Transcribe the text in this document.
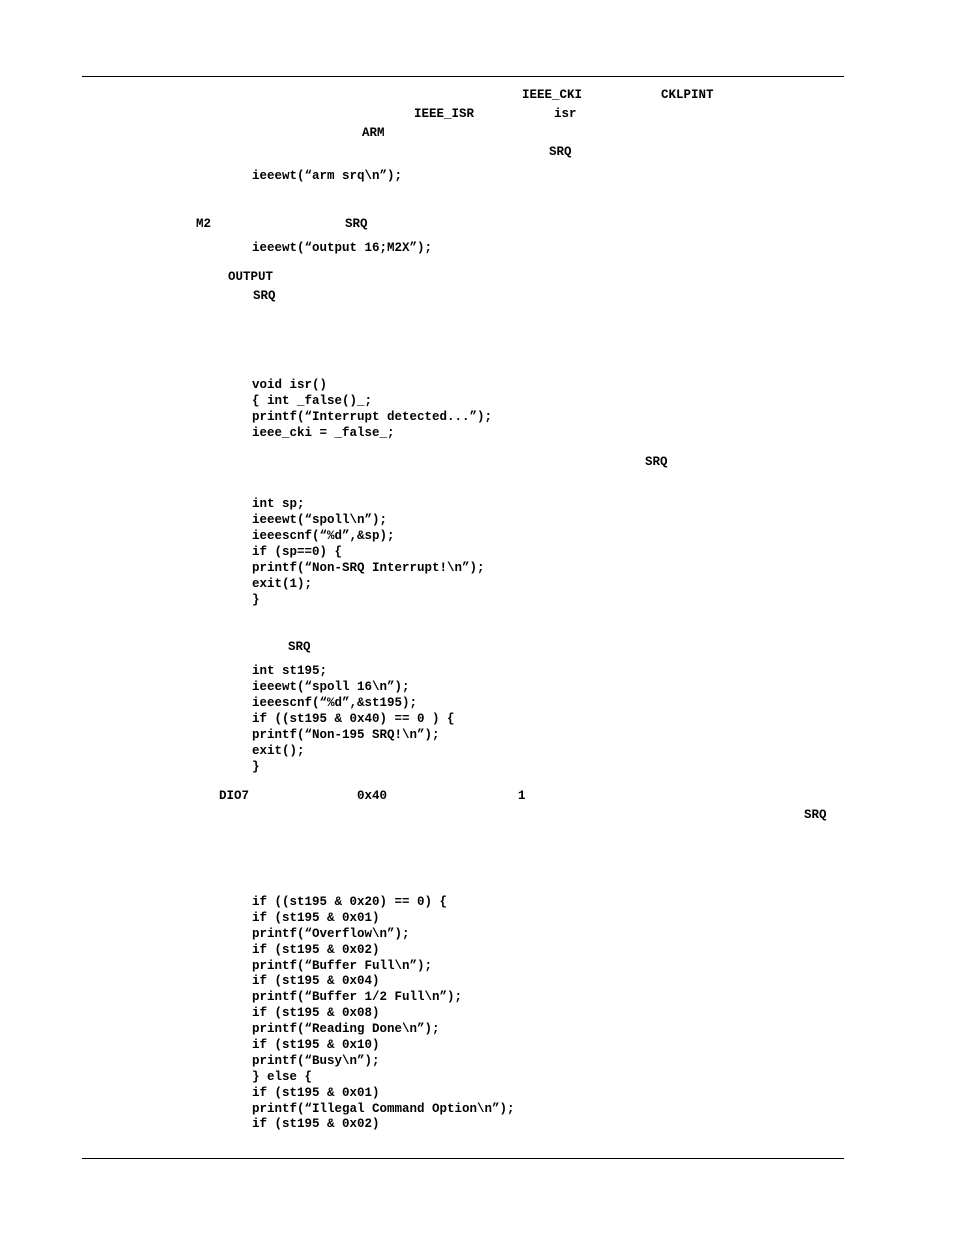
IEEE_CKI	CKLPINT
IEEE_ISR	isr
ARM
SRQ
ieeewt(“arm srq\n”);
M2	SRQ
ieeewt(“output 16;M2X”);
OUTPUT
SRQ
void isr()
{ int _false()_;
printf(“Interrupt detected...”);
ieee_cki = _false_;
SRQ
int sp;
ieeewt(“spoll\n”);
ieeescnf(“%d”,&sp);
if (sp==0) {
printf(“Non-SRQ Interrupt!\n”);
exit(1);
}
SRQ
int st195;
ieeewt(“spoll 16\n”);
ieeescnf(“%d”,&st195);
if ((st195 & 0x40) == 0 ) {
printf(“Non-195 SRQ!\n”);
exit();
}
DIO7	0x40	1
SRQ
if ((st195 & 0x20) == 0) {
if (st195 & 0x01)
printf(“Overflow\n”);
if (st195 & 0x02)
printf(“Buffer Full\n”);
if (st195 & 0x04)
printf(“Buffer 1/2 Full\n”);
if (st195 & 0x08)
printf(“Reading Done\n”);
if (st195 & 0x10)
printf(“Busy\n”);
} else {
if (st195 & 0x01)
printf(“Illegal Command Option\n”);
if (st195 & 0x02)
